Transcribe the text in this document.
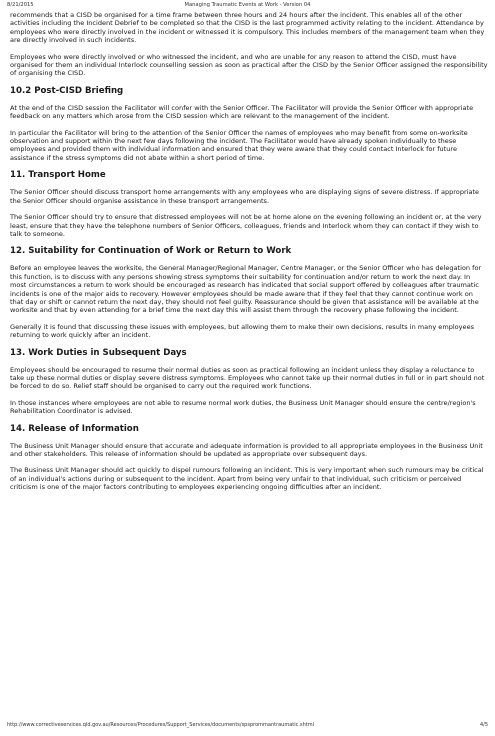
8/21/2015	Managing Traumatic Events at Work - Version 04

recommends that a CISD be organised for a time frame between three hours and 24 hours after the incident. This enables all of the other activities including the Incident Debrief to be completed so that the CISD is the last programmed activity relating to the incident. Attendance by employees who were directly involved in the incident or witnessed it is compulsory. This includes members of the management team when they are directly involved in such incidents.

Employees who were directly involved or who witnessed the incident, and who are unable for any reason to attend the CISD, must have organised for them an individual Interlock counselling session as soon as practical after the CISD by the Senior Officer assigned the responsibility of organising the CISD.

10.2 Post-CISD Briefing

At the end of the CISD session the Facilitator will confer with the Senior Officer. The Facilitator will provide the Senior Officer with appropriate feedback on any matters which arose from the CISD session which are relevant to the management of the incident.

In particular the Facilitator will bring to the attention of the Senior Officer the names of employees who may benefit from some on-worksite observation and support within the next few days following the incident. The Facilitator would have already spoken individually to these employees and provided them with individual information and ensured that they were aware that they could contact Interlock for future assistance if the stress symptoms did not abate within a short period of time.

11. Transport Home

The Senior Officer should discuss transport home arrangements with any employees who are displaying signs of severe distress. If appropriate the Senior Officer should organise assistance in these transport arrangements.

The Senior Officer should try to ensure that distressed employees will not be at home alone on the evening following an incident or, at the very least, ensure that they have the telephone numbers of Senior Officers, colleagues, friends and Interlock whom they can contact if they wish to talk to someone.

12. Suitability for Continuation of Work or Return to Work

Before an employee leaves the worksite, the General Manager/Regional Manager, Centre Manager, or the Senior Officer who has delegation for this function, is to discuss with any persons showing stress symptoms their suitability for continuation and/or return to work the next day. In most circumstances a return to work should be encouraged as research has indicated that social support offered by colleagues after traumatic incidents is one of the major aids to recovery. However employees should be made aware that if they feel that they cannot continue work on that day or shift or cannot return the next day, they should not feel guilty. Reassurance should be given that assistance will be available at the worksite and that by even attending for a brief time the next day this will assist them through the recovery phase following the incident.

Generally it is found that discussing these issues with employees, but allowing them to make their own decisions, results in many employees returning to work quickly after an incident.

13. Work Duties in Subsequent Days

Employees should be encouraged to resume their normal duties as soon as practical following an incident unless they display a reluctance to take up these normal duties or display severe distress symptoms. Employees who cannot take up their normal duties in full or in part should not be forced to do so. Relief staff should be organised to carry out the required work functions.

In those instances where employees are not able to resume normal work duties, the Business Unit Manager should ensure the centre/region's Rehabilitation Coordinator is advised.

14. Release of Information

The Business Unit Manager should ensure that accurate and adequate information is provided to all appropriate employees in the Business Unit and other stakeholders. This release of information should be updated as appropriate over subsequent days.

The Business Unit Manager should act quickly to dispel rumours following an incident. This is very important when such rumours may be critical of an individual's actions during or subsequent to the incident. Apart from being very unfair to that individual, such criticism or perceived criticism is one of the major factors contributing to employees experiencing ongoing difficulties after an incident.

http://www.correctiveservices.qld.gov.au/Resources/Procedures/Support_Services/documents/spsprommantraumatic.shtml	4/5
